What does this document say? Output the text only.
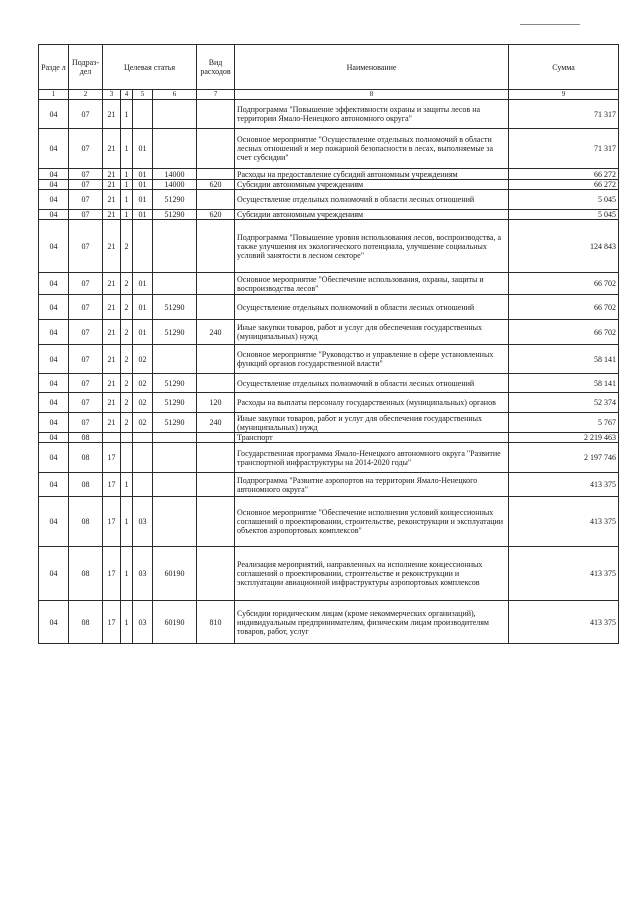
Разде л	Подраз- дел	Целевая статья				Вид расходов	Наименование	Сумма
1	2	3	4	5	6	7	8	9
04	07	21	1				Подпрограмма "Повышение эффективности охраны и защиты лесов на территории Ямало-Ненецкого автономного округа"	71 317
04	07	21	1	01			Основное мероприятие "Осуществление отдельных полномочий в области лесных отношений и мер пожарной безопасности в лесах, выполняемые за счет субсидии"	71 317
04	07	21	1	01	14000		Расходы на предоставление субсидий автономным учреждениям	66 272
04	07	21	1	01	14000	620	Субсидии автономным учреждениям	66 272
04	07	21	1	01	51290		Осуществление отдельных полномочий в области лесных отношений	5 045
04	07	21	1	01	51290	620	Субсидии автономным учреждениям	5 045
04	07	21	2				Подпрограмма "Повышение уровня использования лесов, воспроизводства, а также улучшения их экологического потенциала, улучшение социальных условий занятости в лесном секторе"	124 843
04	07	21	2	01			Основное мероприятие "Обеспечение использования, охраны, защиты и воспроизводства лесов"	66 702
04	07	21	2	01	51290		Осуществление отдельных полномочий в области лесных отношений	66 702
04	07	21	2	01	51290	240	Иные закупки товаров, работ и услуг для обеспечения государственных (муниципальных) нужд	66 702
04	07	21	2	02			Основное мероприятие "Руководство и управление в сфере установленных функций органов государственной власти"	58 141
04	07	21	2	02	51290		Осуществление отдельных полномочий в области лесных отношений	58 141
04	07	21	2	02	51290	120	Расходы на выплаты персоналу государственных (муниципальных) органов	52 374
04	07	21	2	02	51290	240	Иные закупки товаров, работ и услуг для обеспечения государственных (муниципальных) нужд	5 767
04	08						Транспорт	2 219 463
04	08	17					Государственная программа Ямало-Ненецкого автономного округа "Развитие транспортной инфраструктуры на 2014-2020 годы"	2 197 746
04	08	17	1				Подпрограмма "Развитие аэропортов на территории Ямало-Ненецкого автономного округа"	413 375
04	08	17	1	03			Основное мероприятие "Обеспечение исполнения условий концессионных соглашений о проектировании, строительстве, реконструкции и эксплуатации объектов аэропортовых комплексов"	413 375
04	08	17	1	03	60190		Реализация мероприятий, направленных на исполнение концессионных соглашений о проектировании, строительстве и реконструкции и эксплуатации авиационной инфраструктуры аэропортовых комплексов	413 375
04	08	17	1	03	60190	810	Субсидии юридическим лицам (кроме некоммерческих организаций), индивидуальным предпринимателям, физическим лицам производителям товаров, работ, услуг	413 375
